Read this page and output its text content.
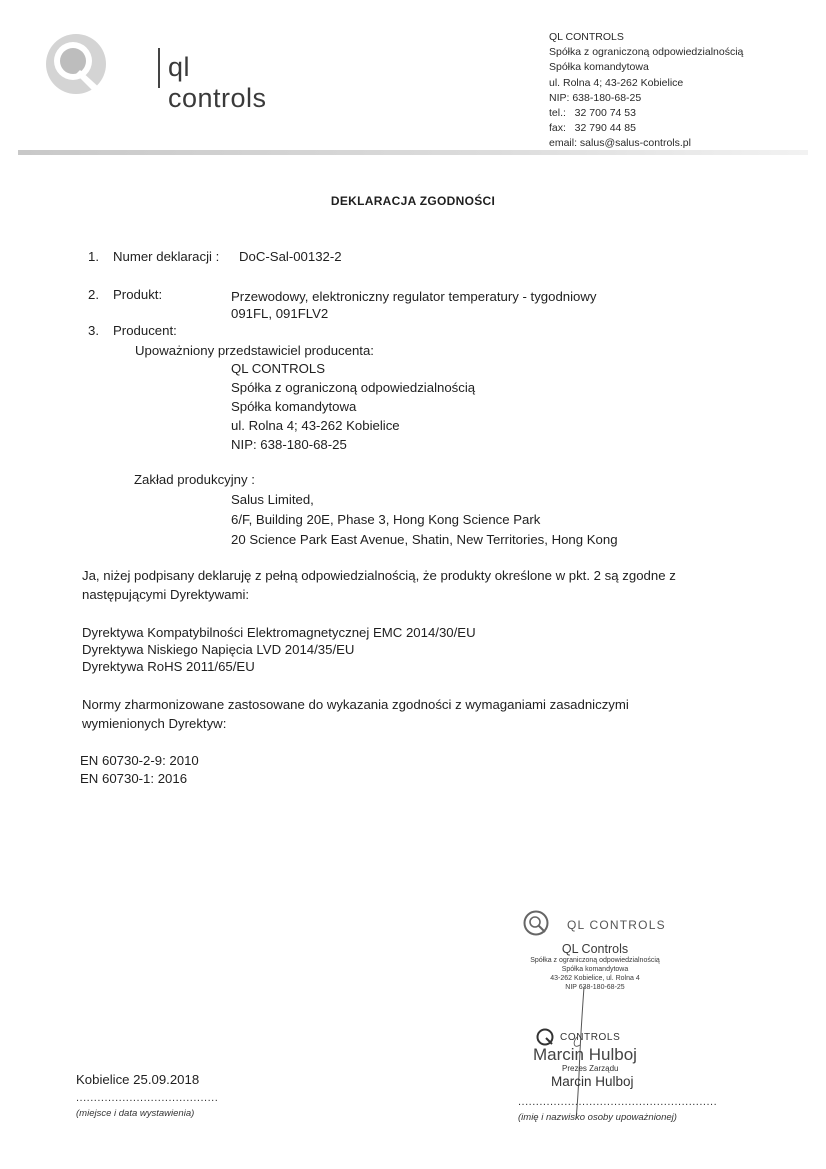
ql controls
QL CONTROLS
Spółka z ograniczoną odpowiedzialnością
Spółka komandytowa
ul. Rolna 4; 43-262 Kobielice
NIP: 638-180-68-25
tel.:   32 700 74 53
fax:   32 790 44 85
email: salus@salus-controls.pl
DEKLARACJA ZGODNOŚCI
1. Numer deklaracji : DoC-Sal-00132-2
2. Produkt:	Przewodowy, elektroniczny regulator temperatury - tygodniowy
091FL, 091FLV2
3. Producent:
Upoważniony przedstawiciel producenta:
QL CONTROLS
Spółka z ograniczoną odpowiedzialnością
Spółka komandytowa
ul. Rolna 4; 43-262 Kobielice
NIP: 638-180-68-25
Zakład produkcyjny :
Salus Limited,
6/F, Building 20E, Phase 3, Hong Kong Science Park
20 Science Park East Avenue, Shatin, New Territories, Hong Kong
Ja, niżej podpisany deklaruję z pełną odpowiedzialnością, że produkty określone w pkt. 2 są zgodne z
następującymi Dyrektywami:
Dyrektywa Kompatybilności Elektromagnetycznej EMC 2014/30/EU
Dyrektywa Niskiego Napięcia LVD 2014/35/EU
Dyrektywa RoHS 2011/65/EU
Normy zharmonizowane zastosowane do wykazania zgodności z wymaganiami zasadniczymi
wymienionych Dyrektyw:
EN 60730-2-9: 2010
EN 60730-1: 2016
QL CONTROLS
QL Controls
Spółka z ograniczoną odpowiedzialnością
Spółka komandytowa
43-262 Kobielice, ul. Rolna 4
NIP 638-180-68-25
CONTROLS
Marcin Hulboj
Prezes Zarządu
Marcin Hulboj
Kobielice 25.09.2018
........................................
(miejsce i data wystawienia)
........................................................
(imię i nazwisko osoby upoważnionej)
